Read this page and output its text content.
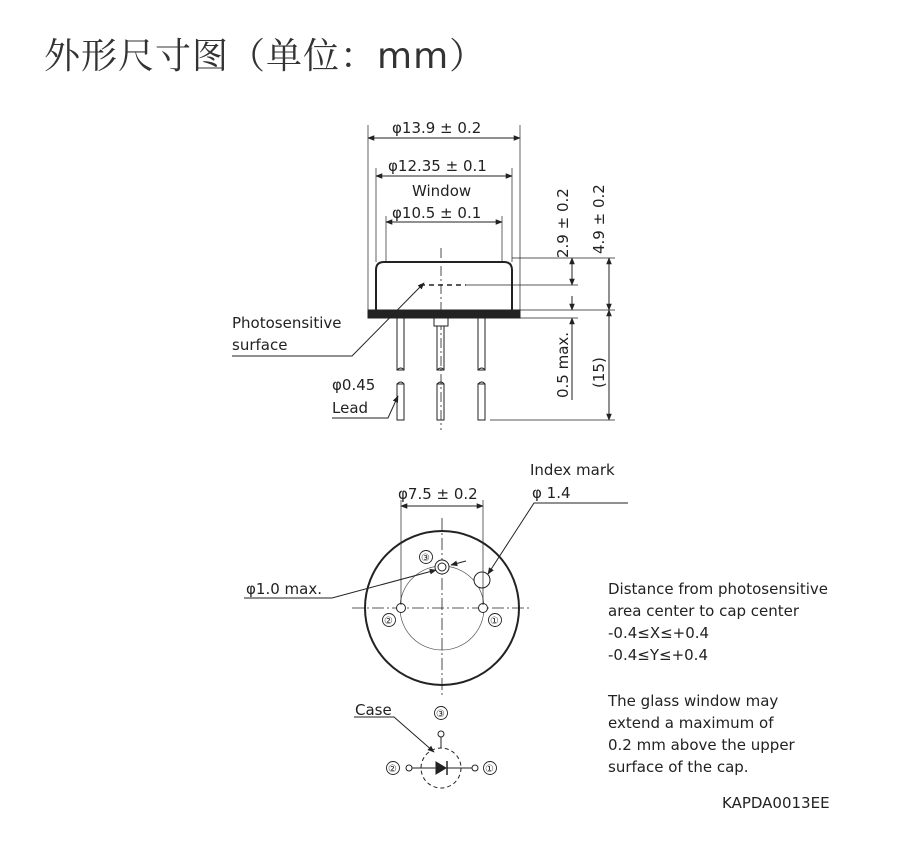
外形尺寸图（单位：mm）
φ13.9 ± 0.2
φ12.35 ± 0.1
Window
φ10.5 ± 0.1	2.9 ± 0.2 4.9 ± 0.2
0.5 max. (15)
Photosensitive
surface
φ0.45
Lead
Index mark
φ 1.4
φ7.5 ± 0.2
φ1.0 max.
③
②	①
Case	③
②	①
Distance from photosensitive
area center to cap center
-0.4≤X≤+0.4
-0.4≤Y≤+0.4
The glass window may
extend a maximum of
0.2 mm above the upper
surface of the cap.
KAPDA0013EE
